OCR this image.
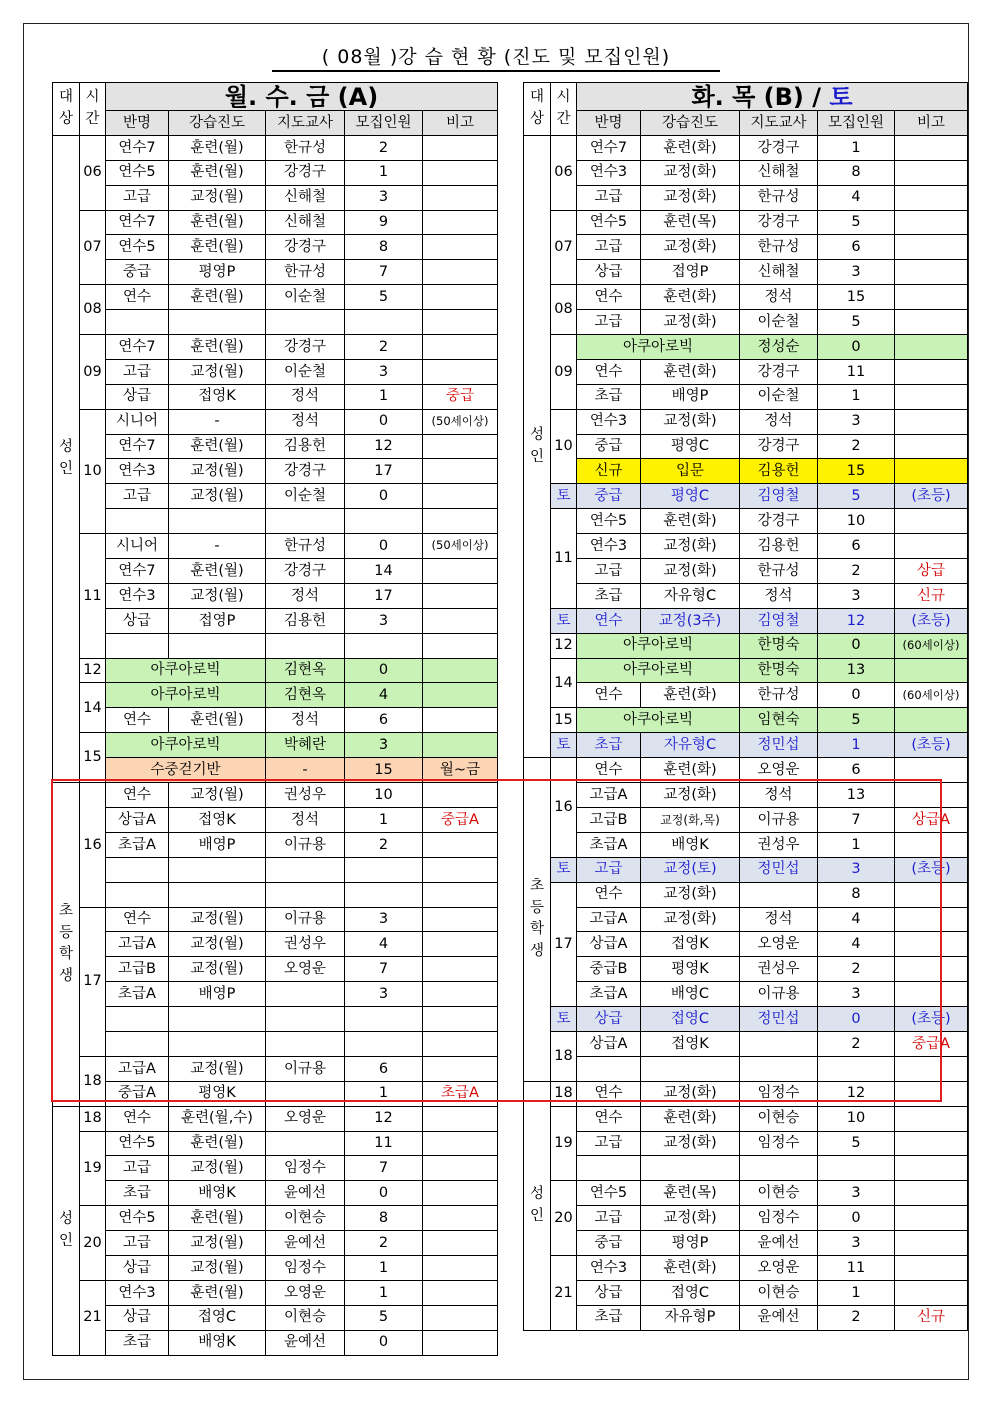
( 08월 )강 습 현 황 (진도 및 모집인원)
대
상	시
간	월. 수. 금 (A)				
		반명	강습진도	지도교사	모집인원	비고

성
인	06	연수7	훈련(월)	한규성	2	
		연수5	훈련(월)	강경구	1	
		고급	교정(월)	신해철	3	
	07	연수7	훈련(월)	신해철	9	
		연수5	훈련(월)	강경구	8	
		중급	평영P	한규성	7	
	08	연수	훈련(월)	이순철	5	

	09	연수7	훈련(월)	강경구	2	
		고급	교정(월)	이순철	3	
		상급	접영K	정석	1	중급
	10	시니어	-	정석	0	(50세이상)
		연수7	훈련(월)	김용헌	12	
		연수3	교정(월)	강경구	17	
		고급	교정(월)	이순철	0	

	11	시니어	-	한규성	0	(50세이상)
		연수7	훈련(월)	강경구	14	
		연수3	교정(월)	정석	17	
		상급	접영P	김용헌	3	

	12	아쿠아로빅		김현옥	0	
	14	아쿠아로빅		김현옥	4	
		연수	훈련(월)	정석	6	
	15	아쿠아로빅		박혜란	3	
		수중걷기반		-	15	월~금

초
등
학
생	16	연수	교정(월)	권성우	10	
		상급A	접영K	정석	1	중급A
		초급A	배영P	이규용	2	

	17	연수	교정(월)	이규용	3	
		고급A	교정(월)	권성우	4	
		고급B	교정(월)	오영운	7	
		초급A	배영P		3	

	18	고급A	교정(월)	이규용	6	
		중급A	평영K		1	초급A

성
인	18	연수	훈련(월,수)	오영운	12	
	19	연수5	훈련(월)		11	
		고급	교정(월)	임정수	7	
		초급	배영K	윤예선	0	
	20	연수5	훈련(월)	이현승	8	
		고급	교정(월)	윤예선	2	
		상급	교정(월)	임정수	1	
	21	연수3	훈련(월)	오영운	1	
		상급	접영C	이현승	5	
		초급	배영K	윤예선	0	
대
상	시
간	화. 목 (B) / 토				
		반명	강습진도	지도교사	모집인원	비고

성
인	06	연수7	훈련(화)	강경구	1	
		연수3	교정(화)	신해철	8	
		고급	교정(화)	한규성	4	
	07	연수5	훈련(목)	강경구	5	
		고급	교정(화)	한규성	6	
		상급	접영P	신해철	3	
	08	연수	훈련(화)	정석	15	
		고급	교정(화)	이순철	5	
	09	아쿠아로빅		정성순	0	
		연수	훈련(화)	강경구	11	
		초급	배영P	이순철	1	
	10	연수3	교정(화)	정석	3	
		중급	평영C	강경구	2	
		신규	입문	김용헌	15	
	토	중급	평영C	김영철	5	(초등)
	11	연수5	훈련(화)	강경구	10	
		연수3	교정(화)	김용헌	6	
		고급	교정(화)	한규성	2	상급
		초급	자유형C	정석	3	신규
	토	연수	교정(3주)	김영철	12	(초등)
	12	아쿠아로빅		한명숙	0	(60세이상)
	14	아쿠아로빅		한명숙	13	
		연수	훈련(화)	한규성	0	(60세이상)
	15	아쿠아로빅		임현숙	5	
	토	초급	자유형C	정민섭	1	(초등)

초
등
학
생	16	연수	훈련(화)	오영운	6	
		고급A	교정(화)	정석	13	
		고급B	교정(화,목)	이규용	7	상급A
		초급A	배영K	권성우	1	
	토	고급	교정(토)	정민섭	3	(초등)
	17	연수	교정(화)		8	
		고급A	교정(화)	정석	4	
		상급A	접영K	오영운	4	
		중급B	평영K	권성우	2	
		초급A	배영C	이규용	3	
	토	상급	접영C	정민섭	0	(초등)
	18	상급A	접영K		2	중급A

성
인	18	연수	교정(화)	임정수	12	
	19	연수	훈련(화)	이현승	10	
		고급	교정(화)	임정수	5	

	20	연수5	훈련(목)	이현승	3	
		고급	교정(화)	임정수	0	
		중급	평영P	윤예선	3	
	21	연수3	훈련(화)	오영운	11	
		상급	접영C	이현승	1	
		초급	자유형P	윤예선	2	신규
